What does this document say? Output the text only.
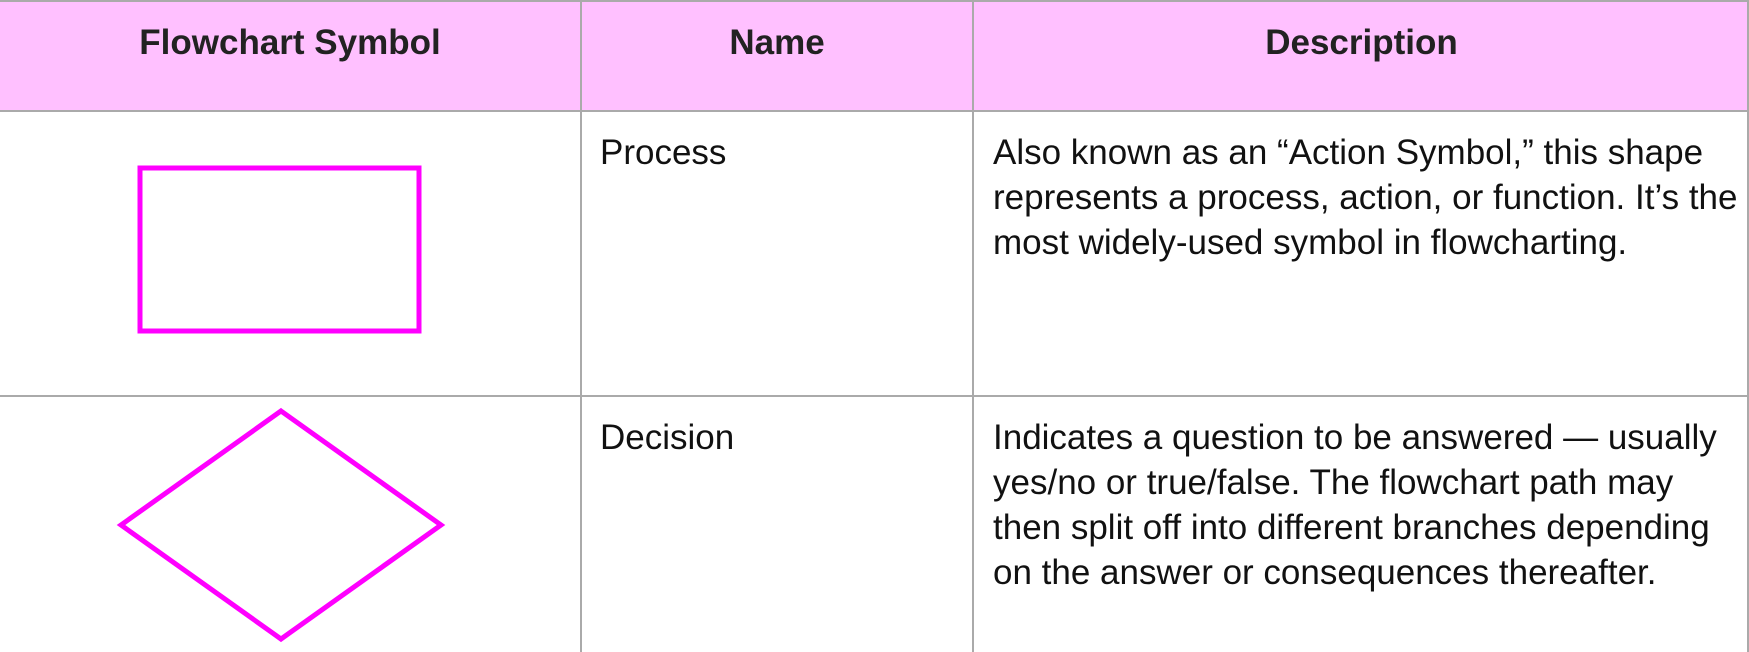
Flowchart Symbol	Name	Description
Process	Also known as an “Action Symbol,” this shape represents a process, action, or function. It’s the most widely-used symbol in flowcharting.
Decision	Indicates a question to be answered — usually yes/no or true/false. The flowchart path may then split off into different branches depending on the answer or consequences thereafter.
